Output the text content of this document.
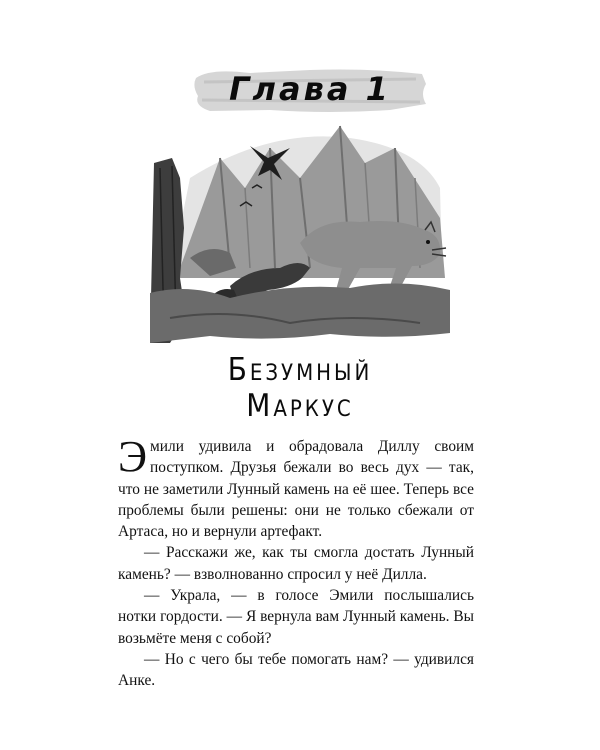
Глава 1
Безумный
Маркус

Эмили удивила и обрадовала Диллу своим поступком. Друзья бежали во весь дух — так, что не заметили Лунный камень на её шее. Теперь все проблемы были решены: они не только сбежали от Артаса, но и вернули артефакт.

— Расскажи же, как ты смогла достать Лунный камень? — взволнованно спросил у неё Дилла.

— Украла, — в голосе Эмили послышались нотки гордости. — Я вернула вам Лунный камень. Вы возьмёте меня с собой?

— Но с чего бы тебе помогать нам? — удивился Анке.
